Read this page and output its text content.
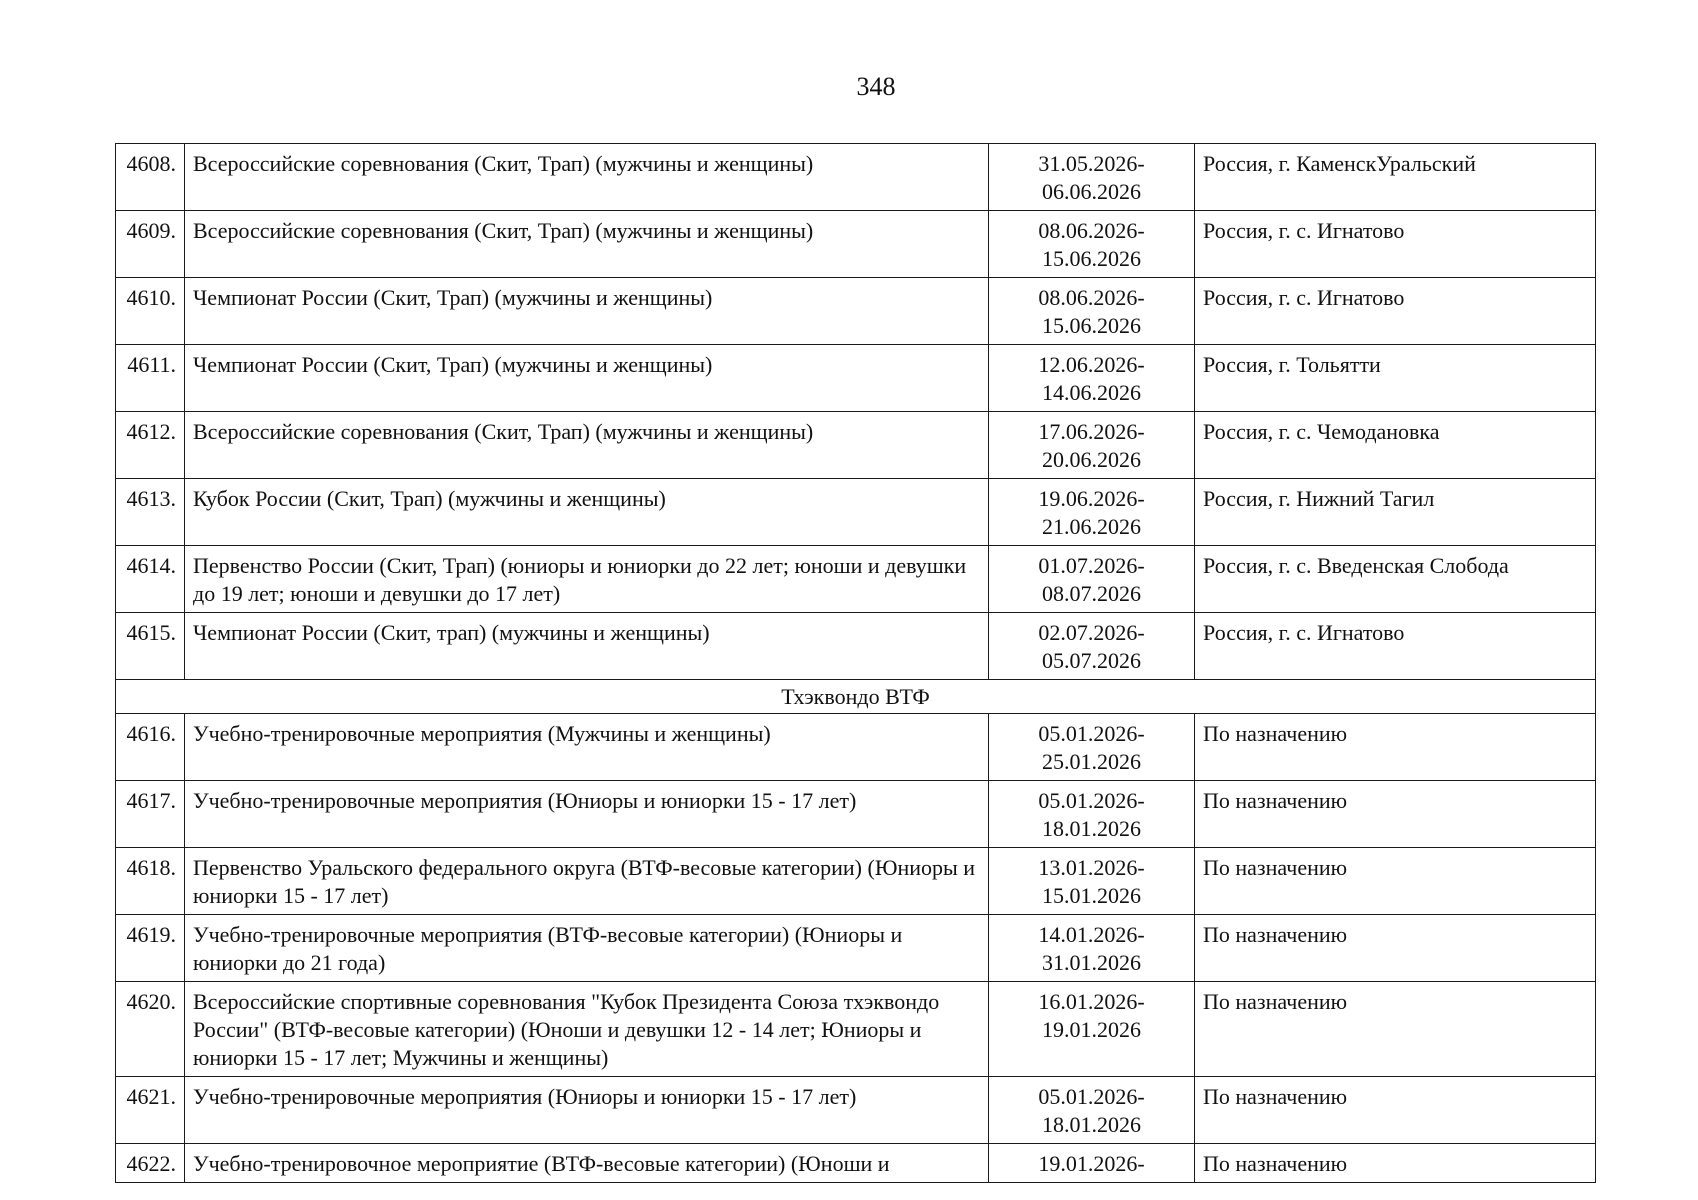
348
4608.	Всероссийские соревнования (Скит, Трап) (мужчины и женщины)	31.05.2026-
06.06.2026	Россия, г. КаменскУральский
4609.	Всероссийские соревнования (Скит, Трап) (мужчины и женщины)	08.06.2026-
15.06.2026	Россия, г. с. Игнатово
4610.	Чемпионат России (Скит, Трап) (мужчины и женщины)	08.06.2026-
15.06.2026	Россия, г. с. Игнатово
4611.	Чемпионат России (Скит, Трап) (мужчины и женщины)	12.06.2026-
14.06.2026	Россия, г. Тольятти
4612.	Всероссийские соревнования (Скит, Трап) (мужчины и женщины)	17.06.2026-
20.06.2026	Россия, г. с. Чемодановка
4613.	Кубок России (Скит, Трап) (мужчины и женщины)	19.06.2026-
21.06.2026	Россия, г. Нижний Тагил
4614.	Первенство России (Скит, Трап) (юниоры и юниорки до 22 лет; юноши и девушки до 19 лет; юноши и девушки до 17 лет)	01.07.2026-
08.07.2026	Россия, г. с. Введенская Слобода
4615.	Чемпионат России (Скит, трап) (мужчины и женщины)	02.07.2026-
05.07.2026	Россия, г. с. Игнатово
Тхэквондо ВТФ			
4616.	Учебно-тренировочные мероприятия (Мужчины и женщины)	05.01.2026-
25.01.2026	По назначению
4617.	Учебно-тренировочные мероприятия (Юниоры и юниорки 15 - 17 лет)	05.01.2026-
18.01.2026	По назначению
4618.	Первенство Уральского федерального округа (ВТФ-весовые категории) (Юниоры и юниорки 15 - 17 лет)	13.01.2026-
15.01.2026	По назначению
4619.	Учебно-тренировочные мероприятия (ВТФ-весовые категории) (Юниоры и юниорки до 21 года)	14.01.2026-
31.01.2026	По назначению
4620.	Всероссийские спортивные соревнования "Кубок Президента Союза тхэквондо России" (ВТФ-весовые категории) (Юноши и девушки 12 - 14 лет; Юниоры и юниорки 15 - 17 лет; Мужчины и женщины)	16.01.2026-
19.01.2026	По назначению
4621.	Учебно-тренировочные мероприятия (Юниоры и юниорки 15 - 17 лет)	05.01.2026-
18.01.2026	По назначению
4622.	Учебно-тренировочное мероприятие (ВТФ-весовые категории) (Юноши и	19.01.2026-	По назначению
